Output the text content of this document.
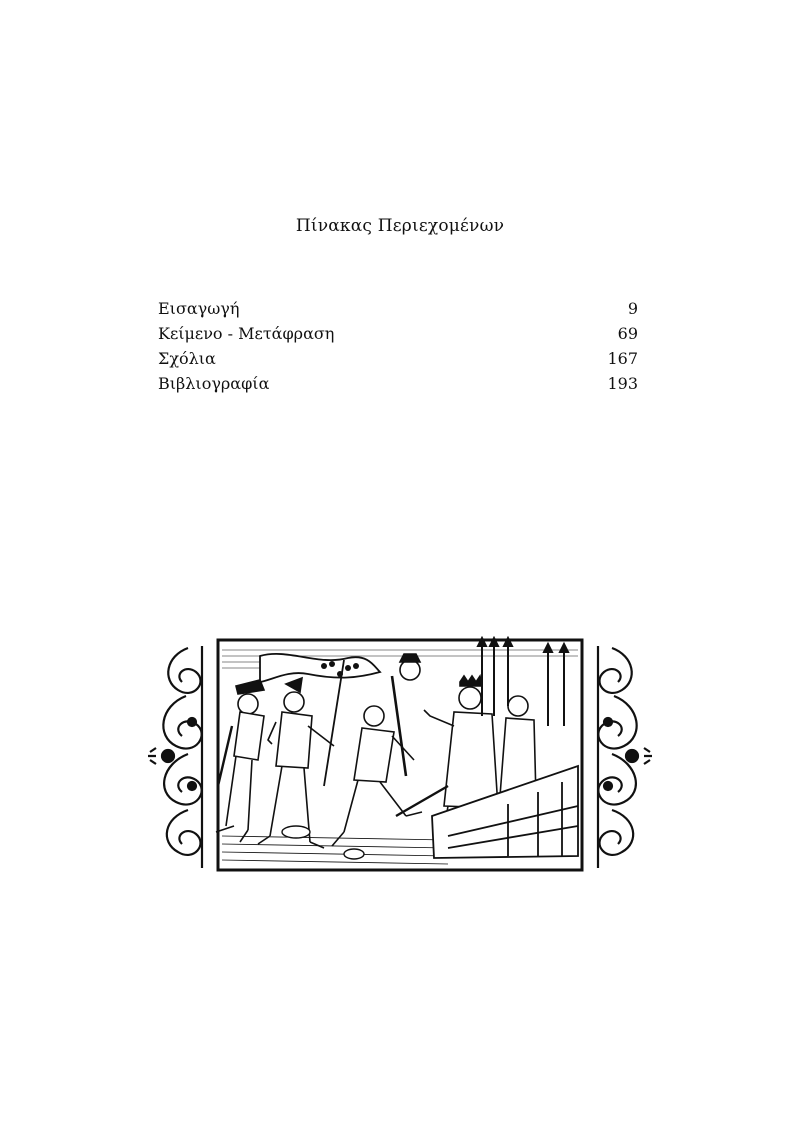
Πίνακας Περιεχομένων
Εισαγωγή	9
Κείμενο - Μετάφραση	69
Σχόλια	167
Βιβλιογραφία	193
